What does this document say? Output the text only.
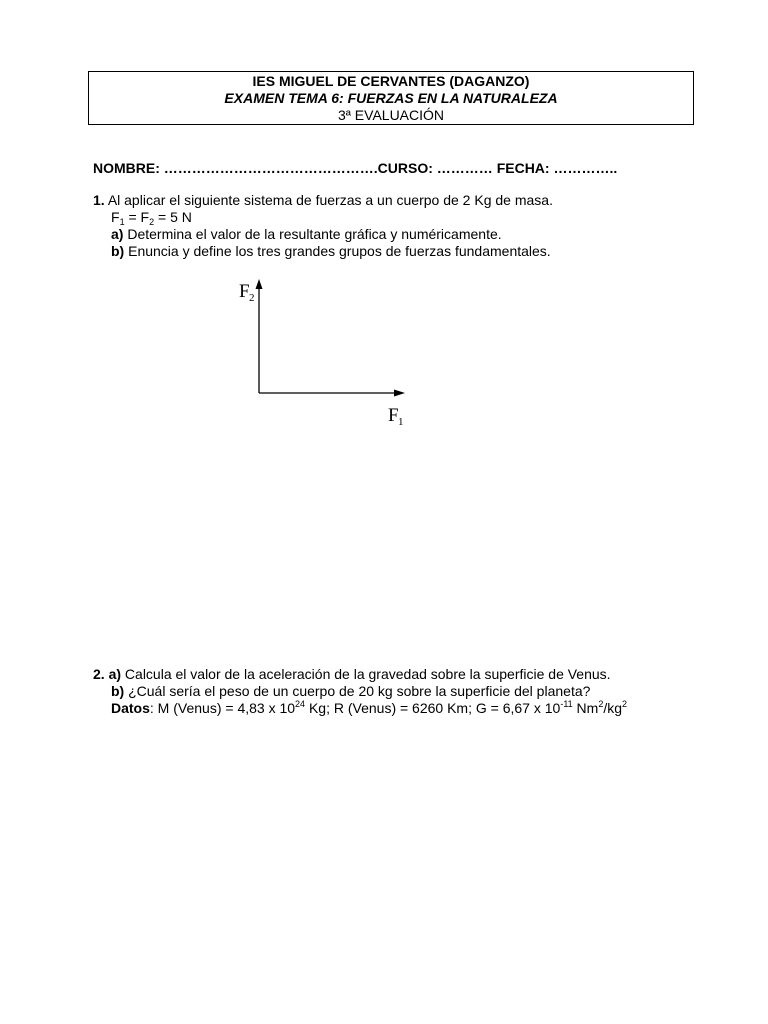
IES MIGUEL DE CERVANTES (DAGANZO)
EXAMEN TEMA 6: FUERZAS EN LA NATURALEZA
3ª EVALUACIÓN
NOMBRE: ……………………………………….CURSO: ………… FECHA: …………..
1. Al aplicar el siguiente sistema de fuerzas a un cuerpo de 2 Kg de masa.
$F_1 = F_2 = 5$ N
a) Determina el valor de la resultante gráfica y numéricamente.
b) Enuncia y define los tres grandes grupos de fuerzas fundamentales.
F 2
F 1
2. a) Calcula el valor de la aceleración de la gravedad sobre la superficie de Venus.
b) ¿Cuál sería el peso de un cuerpo de 20 kg sobre la superficie del planeta?
Datos: M (Venus) = 4,83 x $10^{24}$ Kg; R (Venus) = 6260 Km; G = 6,67 x $10^{-11}$ $Nm^2/kg^2$
